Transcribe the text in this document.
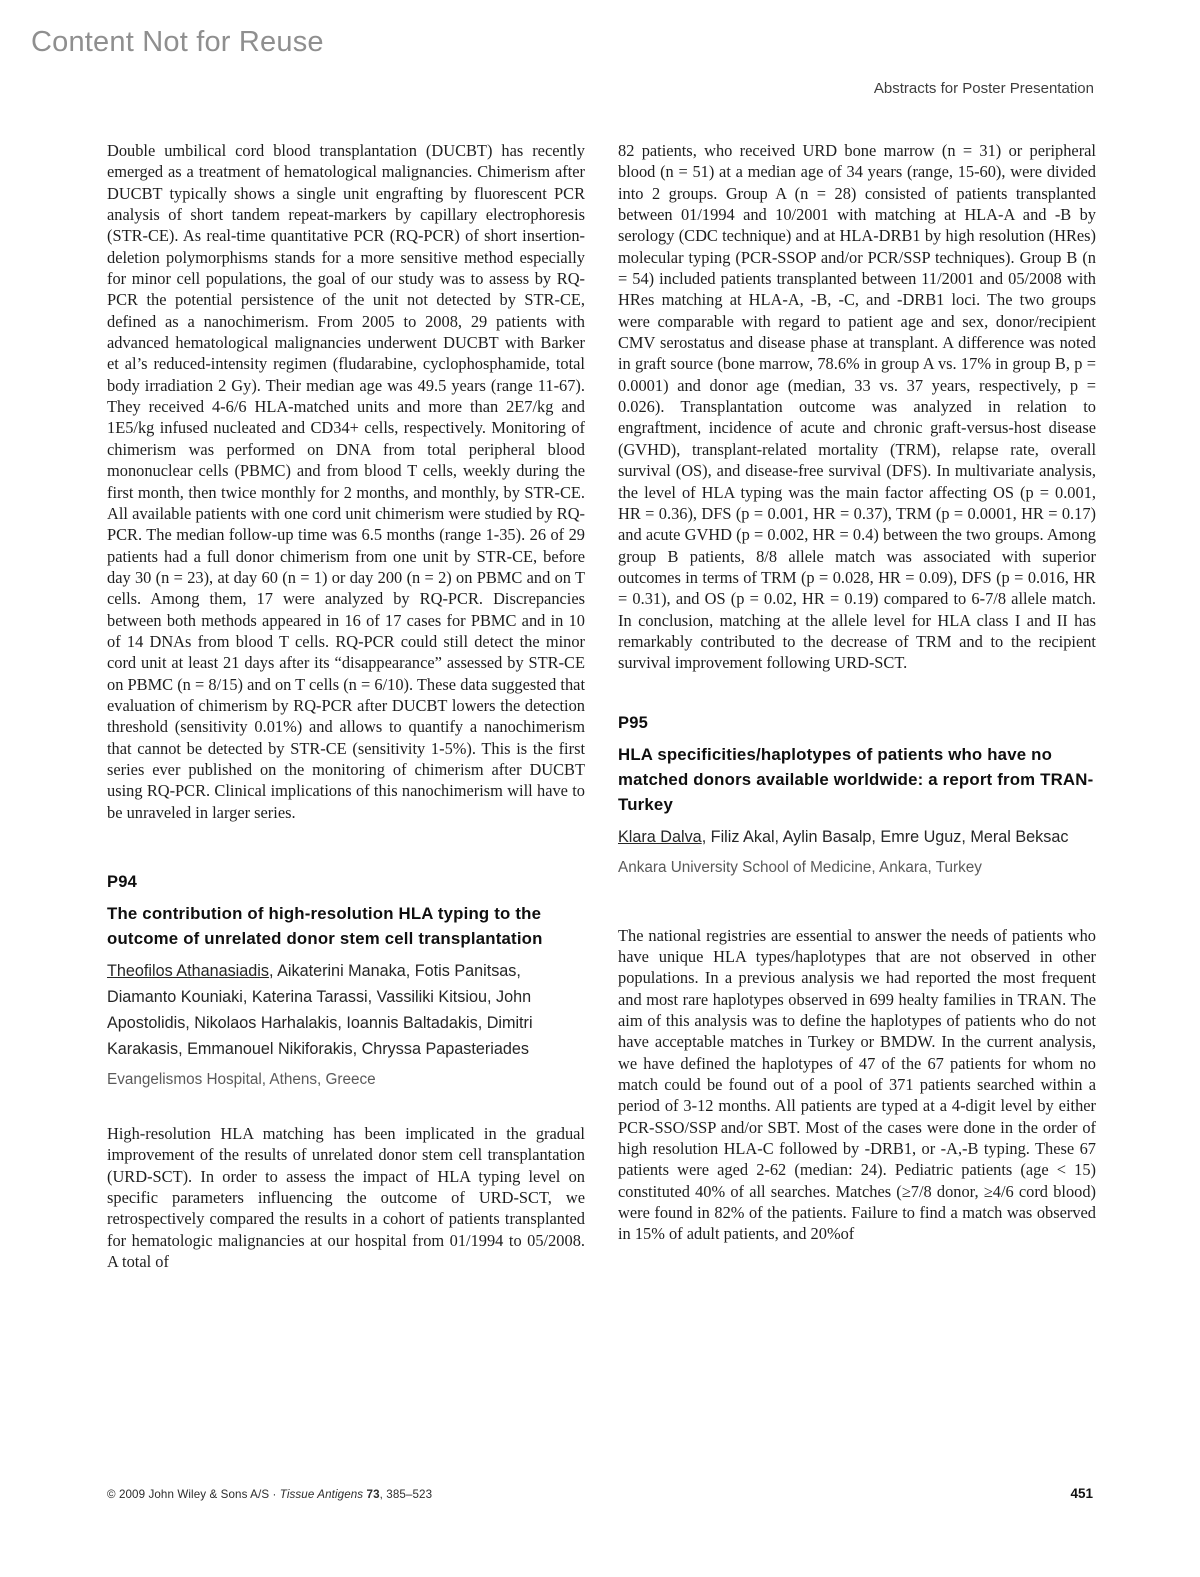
Content Not for Reuse
Abstracts for Poster Presentation

Double umbilical cord blood transplantation (DUCBT) has recently emerged as a treatment of hematological malignancies. Chimerism after DUCBT typically shows a single unit engrafting by fluorescent PCR analysis of short tandem repeat-markers by capillary electrophoresis (STR-CE). As real-time quantitative PCR (RQ-PCR) of short insertion-deletion polymorphisms stands for a more sensitive method especially for minor cell populations, the goal of our study was to assess by RQ-PCR the potential persistence of the unit not detected by STR-CE, defined as a nanochimerism. From 2005 to 2008, 29 patients with advanced hematological malignancies underwent DUCBT with Barker et al’s reduced-intensity regimen (fludarabine, cyclophosphamide, total body irradiation 2 Gy). Their median age was 49.5 years (range 11-67). They received 4-6/6 HLA-matched units and more than 2E7/kg and 1E5/kg infused nucleated and CD34+ cells, respectively. Monitoring of chimerism was performed on DNA from total peripheral blood mononuclear cells (PBMC) and from blood T cells, weekly during the first month, then twice monthly for 2 months, and monthly, by STR-CE. All available patients with one cord unit chimerism were studied by RQ-PCR. The median follow-up time was 6.5 months (range 1-35). 26 of 29 patients had a full donor chimerism from one unit by STR-CE, before day 30 (n = 23), at day 60 (n = 1) or day 200 (n = 2) on PBMC and on T cells. Among them, 17 were analyzed by RQ-PCR. Discrepancies between both methods appeared in 16 of 17 cases for PBMC and in 10 of 14 DNAs from blood T cells. RQ-PCR could still detect the minor cord unit at least 21 days after its “disappearance” assessed by STR-CE on PBMC (n = 8/15) and on T cells (n = 6/10). These data suggested that evaluation of chimerism by RQ-PCR after DUCBT lowers the detection threshold (sensitivity 0.01%) and allows to quantify a nanochimerism that cannot be detected by STR-CE (sensitivity 1-5%). This is the first series ever published on the monitoring of chimerism after DUCBT using RQ-PCR. Clinical implications of this nanochimerism will have to be unraveled in larger series.

P94
The contribution of high-resolution HLA typing to the outcome of unrelated donor stem cell transplantation
Theofilos Athanasiadis, Aikaterini Manaka, Fotis Panitsas, Diamanto Kouniaki, Katerina Tarassi, Vassiliki Kitsiou, John Apostolidis, Nikolaos Harhalakis, Ioannis Baltadakis, Dimitri Karakasis, Emmanouel Nikiforakis, Chryssa Papasteriades
Evangelismos Hospital, Athens, Greece

High-resolution HLA matching has been implicated in the gradual improvement of the results of unrelated donor stem cell transplantation (URD-SCT). In order to assess the impact of HLA typing level on specific parameters influencing the outcome of URD-SCT, we retrospectively compared the results in a cohort of patients transplanted for hematologic malignancies at our hospital from 01/1994 to 05/2008. A total of

82 patients, who received URD bone marrow (n = 31) or peripheral blood (n = 51) at a median age of 34 years (range, 15-60), were divided into 2 groups. Group A (n = 28) consisted of patients transplanted between 01/1994 and 10/2001 with matching at HLA-A and -B by serology (CDC technique) and at HLA-DRB1 by high resolution (HRes) molecular typing (PCR-SSOP and/or PCR/SSP techniques). Group B (n = 54) included patients transplanted between 11/2001 and 05/2008 with HRes matching at HLA-A, -B, -C, and -DRB1 loci. The two groups were comparable with regard to patient age and sex, donor/recipient CMV serostatus and disease phase at transplant. A difference was noted in graft source (bone marrow, 78.6% in group A vs. 17% in group B, p = 0.0001) and donor age (median, 33 vs. 37 years, respectively, p = 0.026). Transplantation outcome was analyzed in relation to engraftment, incidence of acute and chronic graft-versus-host disease (GVHD), transplant-related mortality (TRM), relapse rate, overall survival (OS), and disease-free survival (DFS). In multivariate analysis, the level of HLA typing was the main factor affecting OS (p = 0.001, HR = 0.36), DFS (p = 0.001, HR = 0.37), TRM (p = 0.0001, HR = 0.17) and acute GVHD (p = 0.002, HR = 0.4) between the two groups. Among group B patients, 8/8 allele match was associated with superior outcomes in terms of TRM (p = 0.028, HR = 0.09), DFS (p = 0.016, HR = 0.31), and OS (p = 0.02, HR = 0.19) compared to 6-7/8 allele match. In conclusion, matching at the allele level for HLA class I and II has remarkably contributed to the decrease of TRM and to the recipient survival improvement following URD-SCT.

P95
HLA specificities/haplotypes of patients who have no matched donors available worldwide: a report from TRAN-Turkey
Klara Dalva, Filiz Akal, Aylin Basalp, Emre Uguz, Meral Beksac
Ankara University School of Medicine, Ankara, Turkey

The national registries are essential to answer the needs of patients who have unique HLA types/haplotypes that are not observed in other populations. In a previous analysis we had reported the most frequent and most rare haplotypes observed in 699 healty families in TRAN. The aim of this analysis was to define the haplotypes of patients who do not have acceptable matches in Turkey or BMDW. In the current analysis, we have defined the haplotypes of 47 of the 67 patients for whom no match could be found out of a pool of 371 patients searched within a period of 3-12 months. All patients are typed at a 4-digit level by either PCR-SSO/SSP and/or SBT. Most of the cases were done in the order of high resolution HLA-C followed by -DRB1, or -A,-B typing. These 67 patients were aged 2-62 (median: 24). Pediatric patients (age < 15) constituted 40% of all searches. Matches (≥7/8 donor, ≥4/6 cord blood) were found in 82% of the patients. Failure to find a match was observed in 15% of adult patients, and 20%of

© 2009 John Wiley & Sons A/S · Tissue Antigens 73, 385–523	451
